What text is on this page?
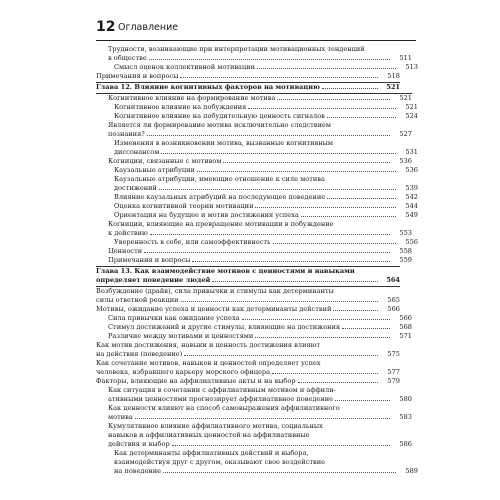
12 Оглавление
Трудности, возникающие при интерпретации мотивационных тенденций
в обществе	511
Смысл оценок коллективной мотивации	513
Примечания и вопросы	518
Глава 12. Влияние когнитивных факторов на мотивацию	521
Когнитивное влияние на формирование мотива	521
Когнитивное влияние на побуждения	521
Когнитивное влияние на побудительную ценность сигналов	524
Является ли формирование мотива исключительно следствием
познания?	527
Изменения в возникновении мотива, вызванные когнитивным
диссонансом	531
Когниции, связанные с мотивом	536
Каузальные атрибуции	536
Каузальные атрибуции, имеющие отношение к силе мотива
достижений	539
Влияние каузальных атрибуций на последующее поведение	542
Оценка когнитивной теории мотивации	544
Ориентация на будущее и мотив достижения успеха	549
Когниции, влияющие на превращение мотивации в побуждение
к действию	553
Уверенность в себе, или самоэффективность	556
Ценности	558
Примечания и вопросы	559
Глава 13. Как взаимодействие мотивов с ценностями и навыками
определяет поведение людей	564
Возбуждение (драйв), сила привычки и стимулы как детерминанты
силы ответной реакции	565
Мотивы, ожидание успеха и ценности как детерминанты действий	566
Сила привычки как ожидание успеха	566
Стимул достижений и другие стимулы, влияющие на достижения	568
Различие между мотивами и ценностями	571
Как мотив достижения, навыки и ценность достижения влияют
на действия (поведение)	575
Как сочетание мотивов, навыков и ценностей определяет успех
человека, избравшего карьеру морского офицера	577
Факторы, влияющие на аффилиативные акты и на выбор	579
Как ситуация в сочетании с аффилиативным мотивом и аффили-
ативными ценностями прогнозирует аффилиативное поведение	580
Как ценности влияют на способ самовыражения аффилиативного
мотива	583
Кумулятивное влияние аффилиативного мотива, социальных
навыков и аффилиативных ценностей на аффилиативные
действия и выбор	586
Как детерминанты аффилиативных действий и выбора,
взаимодействуя друг с другом, оказывают свое воздействие
на поведение	589
